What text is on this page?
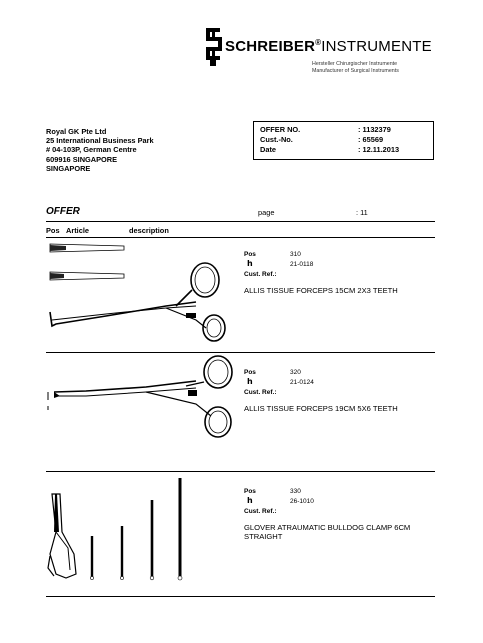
SCHREIBER®INSTRUMENTE
Hersteller Chirurgischer Instrumente
Manufacturer of Surgical Instruments
Royal GK Pte Ltd
25 International Business Park
# 04-103P, German Centre
609916 SINGAPORE
SINGAPORE
OFFER NO.	: 1132379
Cust.-No.	: 65569
Date	: 12.11.2013
OFFER	page	: 11
Pos Article	description
Pos	310
h	21-0118
Cust. Ref.:
ALLIS TISSUE FORCEPS 15CM 2X3 TEETH
Pos	320
h	21-0124
Cust. Ref.:
ALLIS TISSUE FORCEPS 19CM 5X6 TEETH
Pos	330
h	26-1010
Cust. Ref.:
GLOVER ATRAUMATIC BULLDOG CLAMP 6CM STRAIGHT
